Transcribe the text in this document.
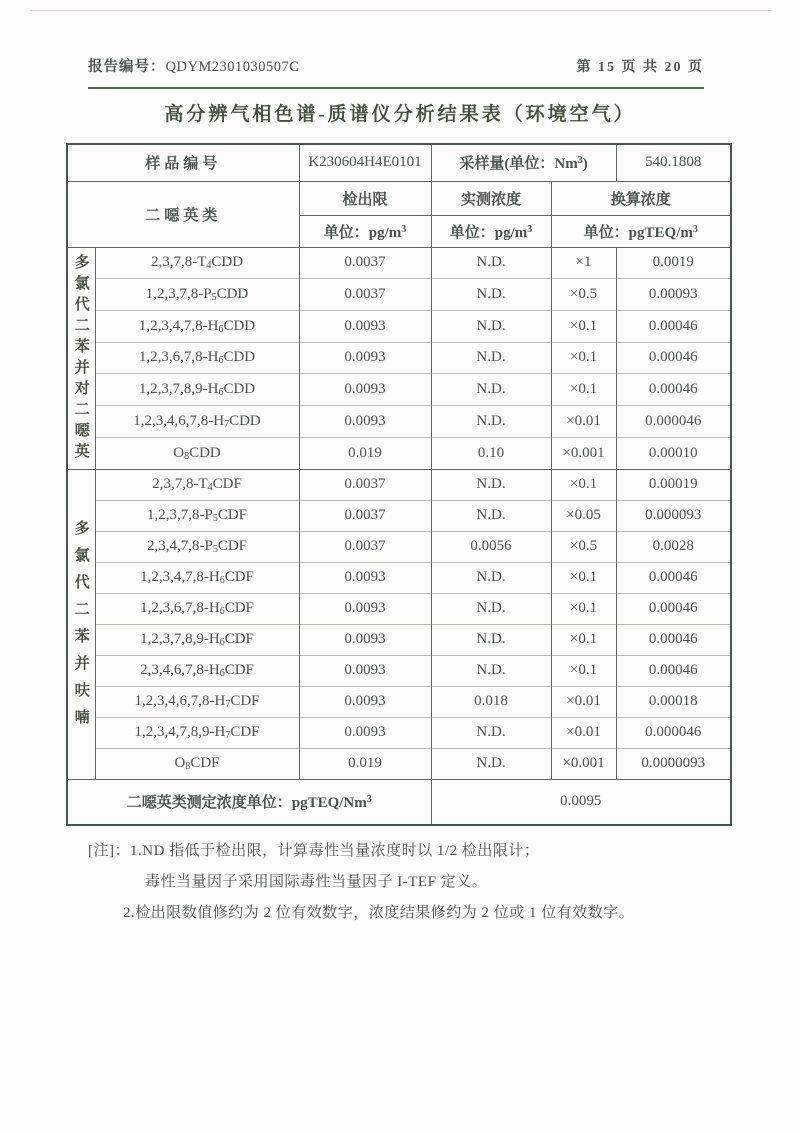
报告编号：QDYM2301030507C	第 15 页 共 20 页
高分辨气相色谱-质谱仪分析结果表（环境空气）
样品编号		K230604H4E0101	采样量(单位：Nm$^3$)		540.1808
二噁英类		检出限	实测浓度	换算浓度	
		单位：$pg/m^3$	单位：$pg/m^3$	单位：pgTEQ/$m^3$
多氯代二苯并对二噁英	2,3,7,8-T4CDD	0.0037	N.D.	×1	0.0019
	1,2,3,7,8-P5CDD	0.0037	N.D.	×0.5	0.00093
	1,2,3,4,7,8-H6CDD	0.0093	N.D.	×0.1	0.00046
	1,2,3,6,7,8-H6CDD	0.0093	N.D.	×0.1	0.00046
	1,2,3,7,8,9-H6CDD	0.0093	N.D.	×0.1	0.00046
	1,2,3,4,6,7,8-H7CDD	0.0093	N.D.	×0.01	0.000046
	O8CDD	0.019	0.10	×0.001	0.00010
多氯代二苯并呋喃	2,3,7,8-T4CDF	0.0037	N.D.	×0.1	0.00019
	1,2,3,7,8-P5CDF	0.0037	N.D.	×0.05	0.000093
	2,3,4,7,8-P5CDF	0.0037	0.0056	×0.5	0.0028
	1,2,3,4,7,8-H6CDF	0.0093	N.D.	×0.1	0.00046
	1,2,3,6,7,8-H6CDF	0.0093	N.D.	×0.1	0.00046
	1,2,3,7,8,9-H6CDF	0.0093	N.D.	×0.1	0.00046
	2,3,4,6,7,8-H6CDF	0.0093	N.D.	×0.1	0.00046
	1,2,3,4,6,7,8-H7CDF	0.0093	0.018	×0.01	0.00018
	1,2,3,4,7,8,9-H7CDF	0.0093	N.D.	×0.01	0.000046
	O8CDF	0.019	N.D.	×0.001	0.0000093
二噁英类测定浓度单位：pgTEQ/Nm$^3$			0.0095		
[注]：1.ND 指低于检出限，计算毒性当量浓度时以 1/2 检出限计；
毒性当量因子采用国际毒性当量因子 I-TEF 定义。
2.检出限数值修约为 2 位有效数字，浓度结果修约为 2 位或 1 位有效数字。
